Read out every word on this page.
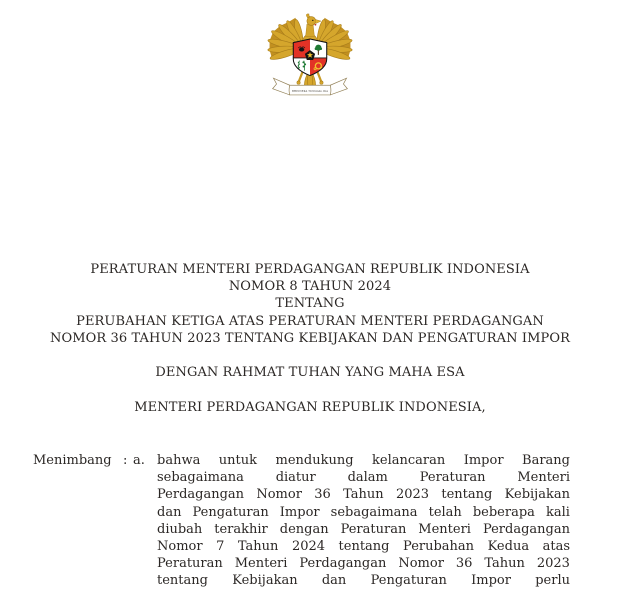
BHINNEKA TUNGGAL IKA
PERATURAN MENTERI PERDAGANGAN REPUBLIK INDONESIA
NOMOR 8 TAHUN 2024
TENTANG
PERUBAHAN KETIGA ATAS PERATURAN MENTERI PERDAGANGAN
NOMOR 36 TAHUN 2023 TENTANG KEBIJAKAN DAN PENGATURAN IMPOR
DENGAN RAHMAT TUHAN YANG MAHA ESA
MENTERI PERDAGANGAN REPUBLIK INDONESIA,
Menimbang : a. bahwa untuk mendukung kelancaran Impor Barang
sebagaimana diatur dalam Peraturan Menteri
Perdagangan Nomor 36 Tahun 2023 tentang Kebijakan
dan Pengaturan Impor sebagaimana telah beberapa kali
diubah terakhir dengan Peraturan Menteri Perdagangan
Nomor 7 Tahun 2024 tentang Perubahan Kedua atas
Peraturan Menteri Perdagangan Nomor 36 Tahun 2023
tentang Kebijakan dan Pengaturan Impor perlu
